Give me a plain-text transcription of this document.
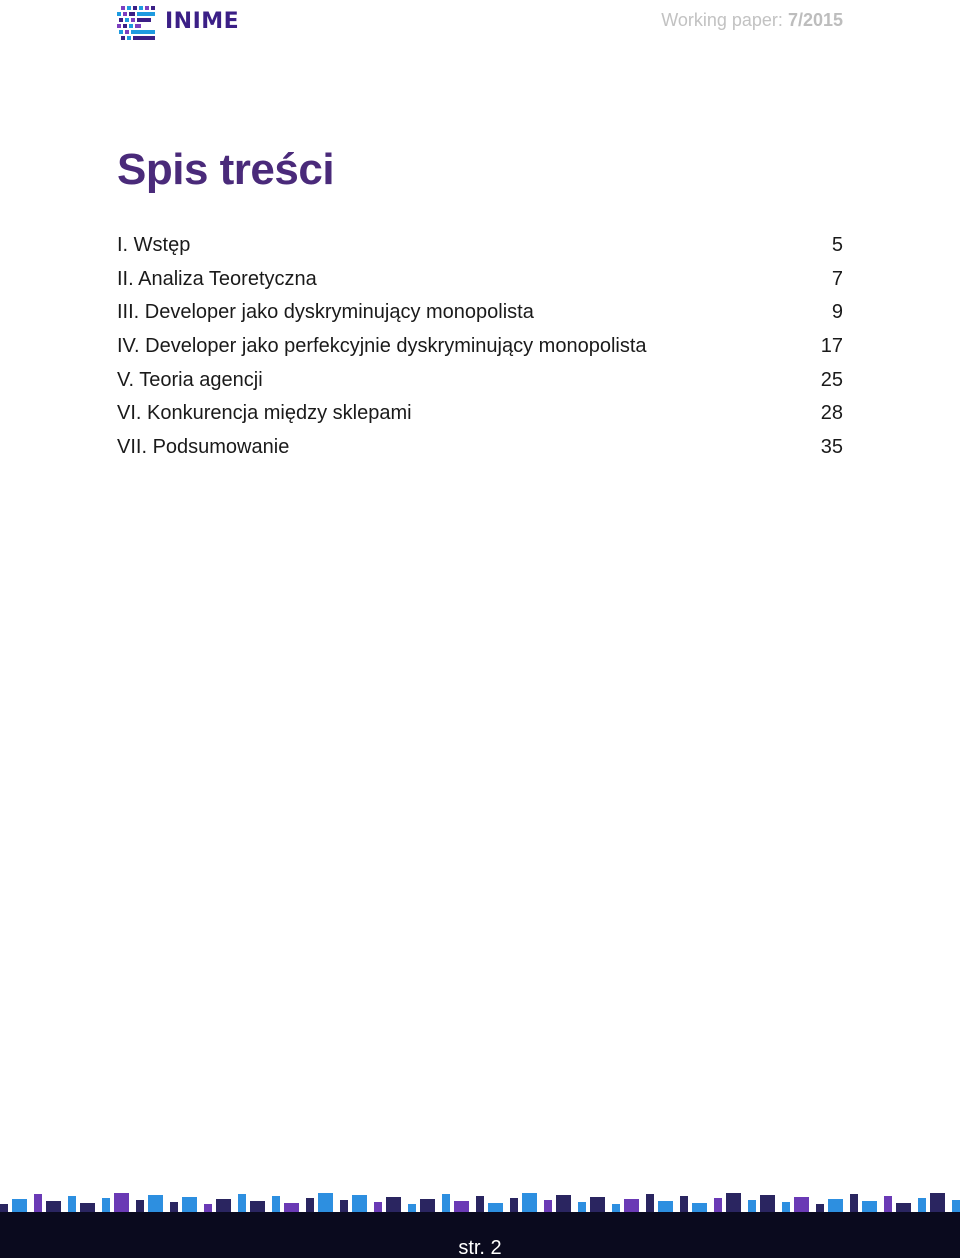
INIME	Working paper: 7/2015
Spis treści
I. Wstęp	5
II. Analiza Teoretyczna	7
III. Developer jako dyskryminujący monopolista	9
IV. Developer jako perfekcyjnie dyskryminujący monopolista	17
V. Teoria agencji	25
VI. Konkurencja między sklepami	28
VII. Podsumowanie	35
str. 2
